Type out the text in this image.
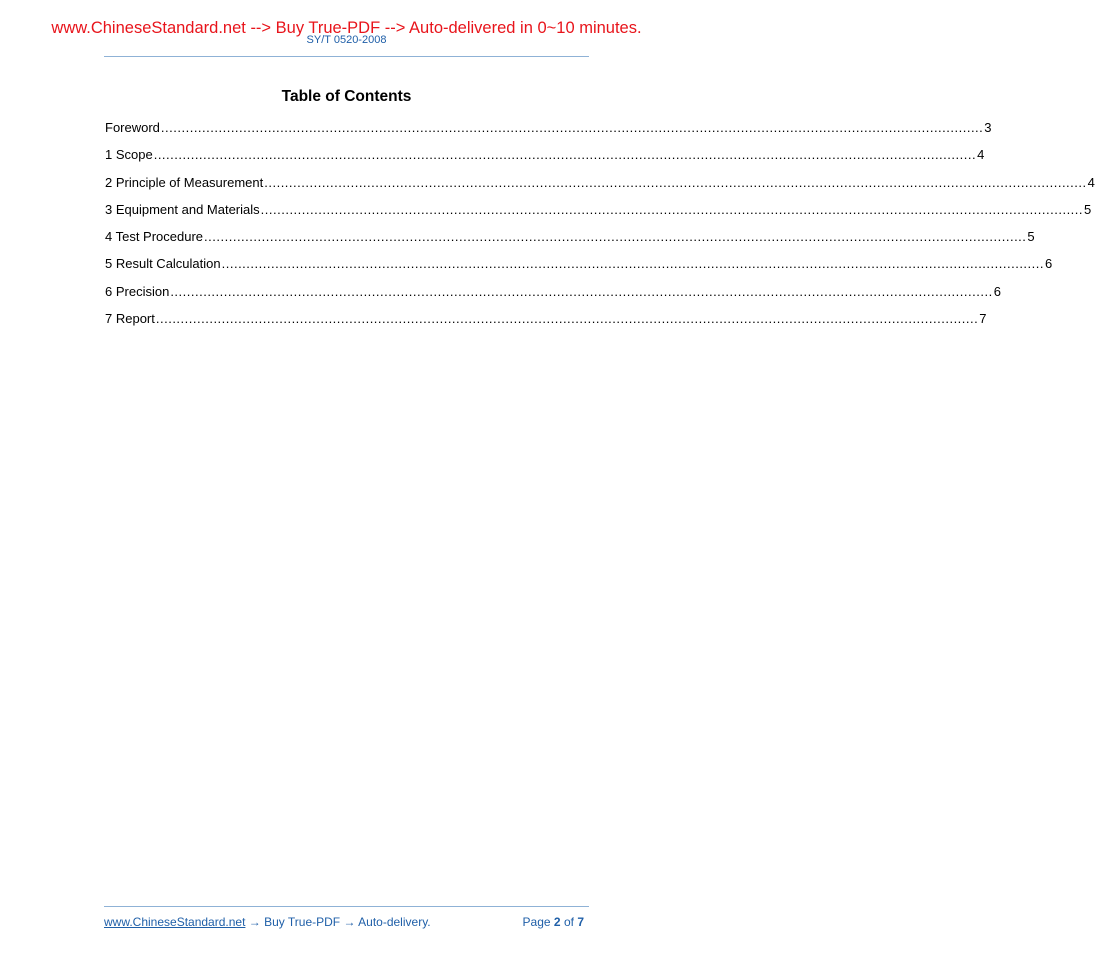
www.ChineseStandard.net --> Buy True-PDF --> Auto-delivered in 0~10 minutes.
SY/T 0520-2008
Table of Contents
Foreword ........................................................................................................................................................................................................ 3
1 Scope ........................................................................................................................................................................................................ 4
2 Principle of Measurement ........................................................................................................................................................................................................ 4
3 Equipment and Materials ........................................................................................................................................................................................................ 5
4 Test Procedure ........................................................................................................................................................................................................ 5
5 Result Calculation ........................................................................................................................................................................................................ 6
6 Precision ........................................................................................................................................................................................................ 6
7 Report ........................................................................................................................................................................................................ 7
www.ChineseStandard.net → Buy True-PDF → Auto-delivery.	Page 2 of 7
